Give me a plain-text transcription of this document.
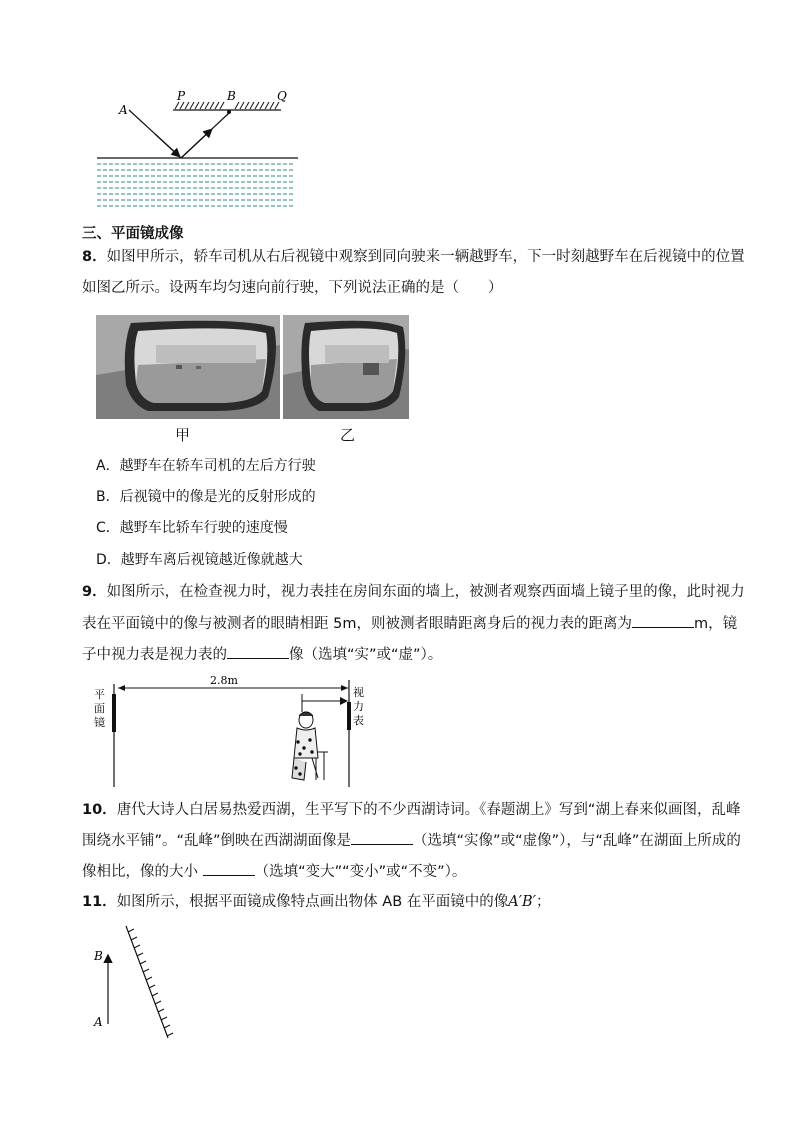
A
P	B	Q
三、平面镜成像
8．如图甲所示，轿车司机从右后视镜中观察到同向驶来一辆越野车，下一时刻越野车在后视镜中的位置
如图乙所示。设两车均匀速向前行驶，下列说法正确的是（　　）
甲	乙
A．越野车在轿车司机的左后方行驶
B．后视镜中的像是光的反射形成的
C．越野车比轿车行驶的速度慢
D．越野车离后视镜越近像就越大
9．如图所示，在检查视力时，视力表挂在房间东面的墙上，被测者观察西面墙上镜子里的像，此时视力
表在平面镜中的像与被测者的眼睛相距 5m，则被测者眼睛距离身后的视力表的距离为	m，镜
子中视力表是视力表的	像（选填“实”或“虚”）。
2.8m
平
面
镜
视
力
表
10．唐代大诗人白居易热爱西湖，生平写下的不少西湖诗词。《春题湖上》写到“湖上春来似画图，乱峰
围绕水平铺”。“乱峰”倒映在西湖湖面像是	（选填“实像”或“虚像”），与“乱峰”在湖面上所成的
像相比，像的大小	（选填“变大”“变小”或“不变”）。
11．如图所示，根据平面镜成像特点画出物体 AB 在平面镜中的像A′B′；
B
A
